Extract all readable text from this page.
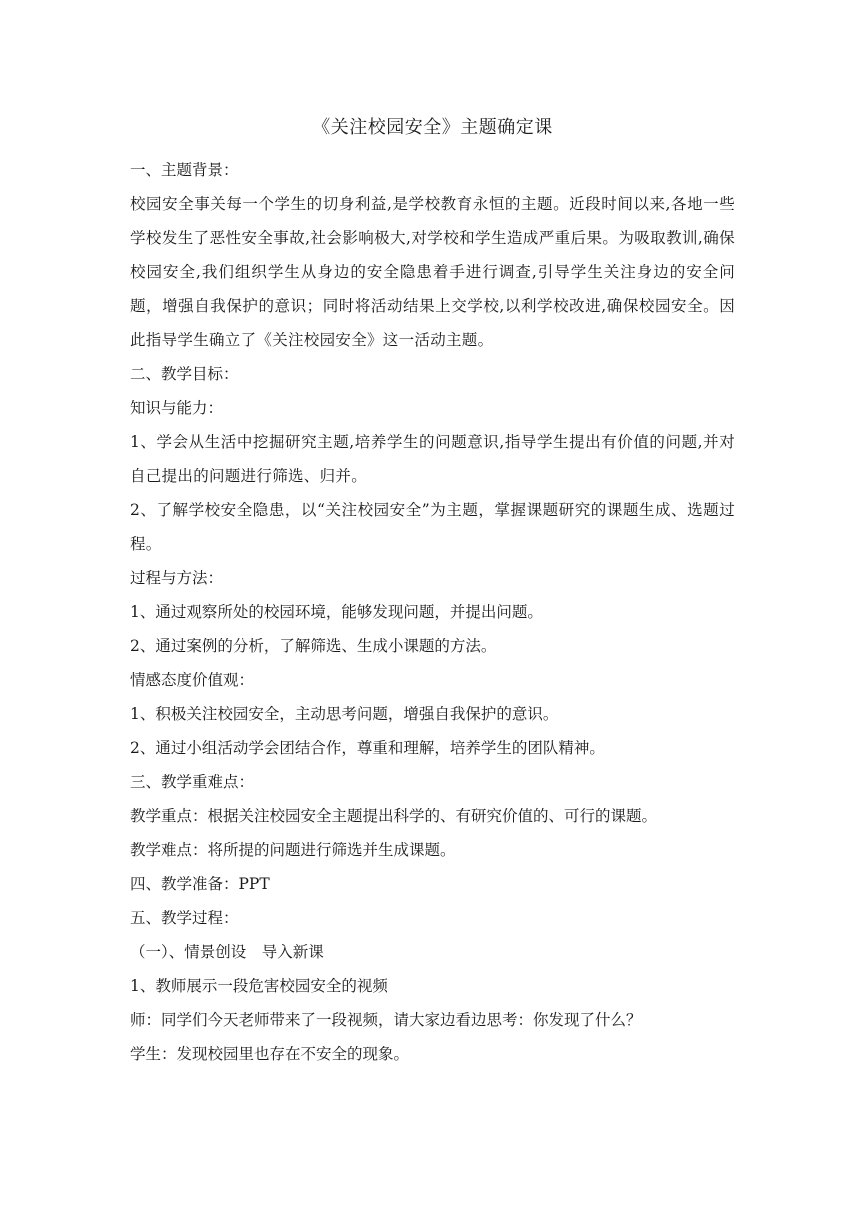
《关注校园安全》主题确定课

一、主题背景：

校园安全事关每一个学生的切身利益,是学校教育永恒的主题。近段时间以来,各地一些学校发生了恶性安全事故,社会影响极大,对学校和学生造成严重后果。为吸取教训,确保校园安全,我们组织学生从身边的安全隐患着手进行调查,引导学生关注身边的安全问题，增强自我保护的意识；同时将活动结果上交学校,以利学校改进,确保校园安全。因此指导学生确立了《关注校园安全》这一活动主题。

二、教学目标：

知识与能力：

1、学会从生活中挖掘研究主题,培养学生的问题意识,指导学生提出有价值的问题,并对自己提出的问题进行筛选、归并。

2、了解学校安全隐患，以“关注校园安全”为主题，掌握课题研究的课题生成、选题过程。

过程与方法：

1、通过观察所处的校园环境，能够发现问题，并提出问题。

2、通过案例的分析，了解筛选、生成小课题的方法。

情感态度价值观：

1、积极关注校园安全，主动思考问题，增强自我保护的意识。

2、通过小组活动学会团结合作，尊重和理解，培养学生的团队精神。

三、教学重难点：

教学重点：根据关注校园安全主题提出科学的、有研究价值的、可行的课题。

教学难点：将所提的问题进行筛选并生成课题。

四、教学准备：PPT

五、教学过程：

（一）、情景创设　导入新课

1、教师展示一段危害校园安全的视频

师：同学们今天老师带来了一段视频，请大家边看边思考：你发现了什么？

学生：发现校园里也存在不安全的现象。
